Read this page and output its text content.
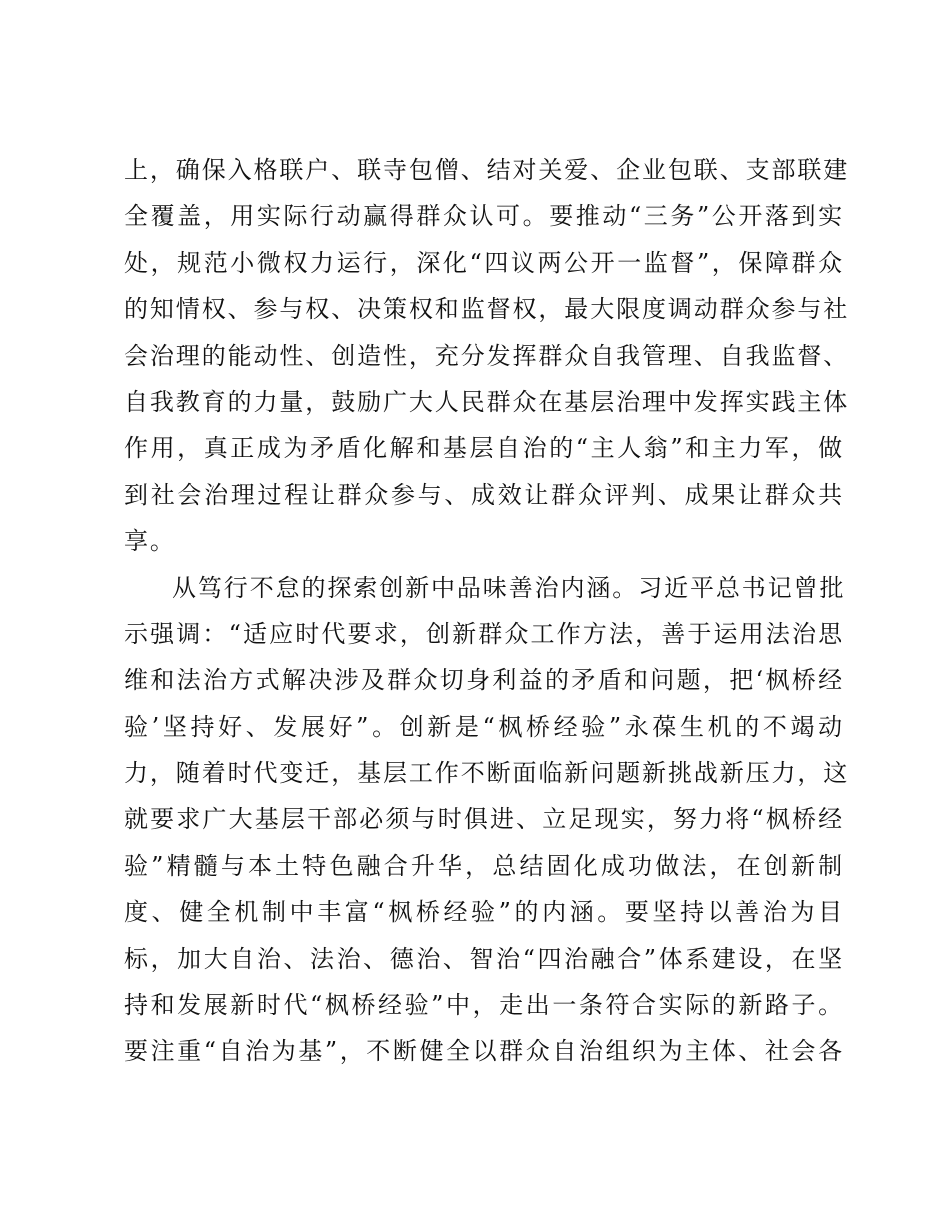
上，确保入格联户、联寺包僧、结对关爱、企业包联、支部联建
全覆盖，用实际行动赢得群众认可。要推动“三务”公开落到实
处，规范小微权力运行，深化“四议两公开一监督”，保障群众
的知情权、参与权、决策权和监督权，最大限度调动群众参与社
会治理的能动性、创造性，充分发挥群众自我管理、自我监督、
自我教育的力量，鼓励广大人民群众在基层治理中发挥实践主体
作用，真正成为矛盾化解和基层自治的“主人翁”和主力军，做
到社会治理过程让群众参与、成效让群众评判、成果让群众共
享。
从笃行不怠的探索创新中品味善治内涵。习近平总书记曾批
示强调：“适应时代要求，创新群众工作方法，善于运用法治思
维和法治方式解决涉及群众切身利益的矛盾和问题，把‘枫桥经
验’坚持好、发展好”。创新是“枫桥经验”永葆生机的不竭动
力，随着时代变迁，基层工作不断面临新问题新挑战新压力，这
就要求广大基层干部必须与时俱进、立足现实，努力将“枫桥经
验”精髓与本土特色融合升华，总结固化成功做法，在创新制
度、健全机制中丰富“枫桥经验”的内涵。要坚持以善治为目
标，加大自治、法治、德治、智治“四治融合”体系建设，在坚
持和发展新时代“枫桥经验”中，走出一条符合实际的新路子。
要注重“自治为基”，不断健全以群众自治组织为主体、社会各
